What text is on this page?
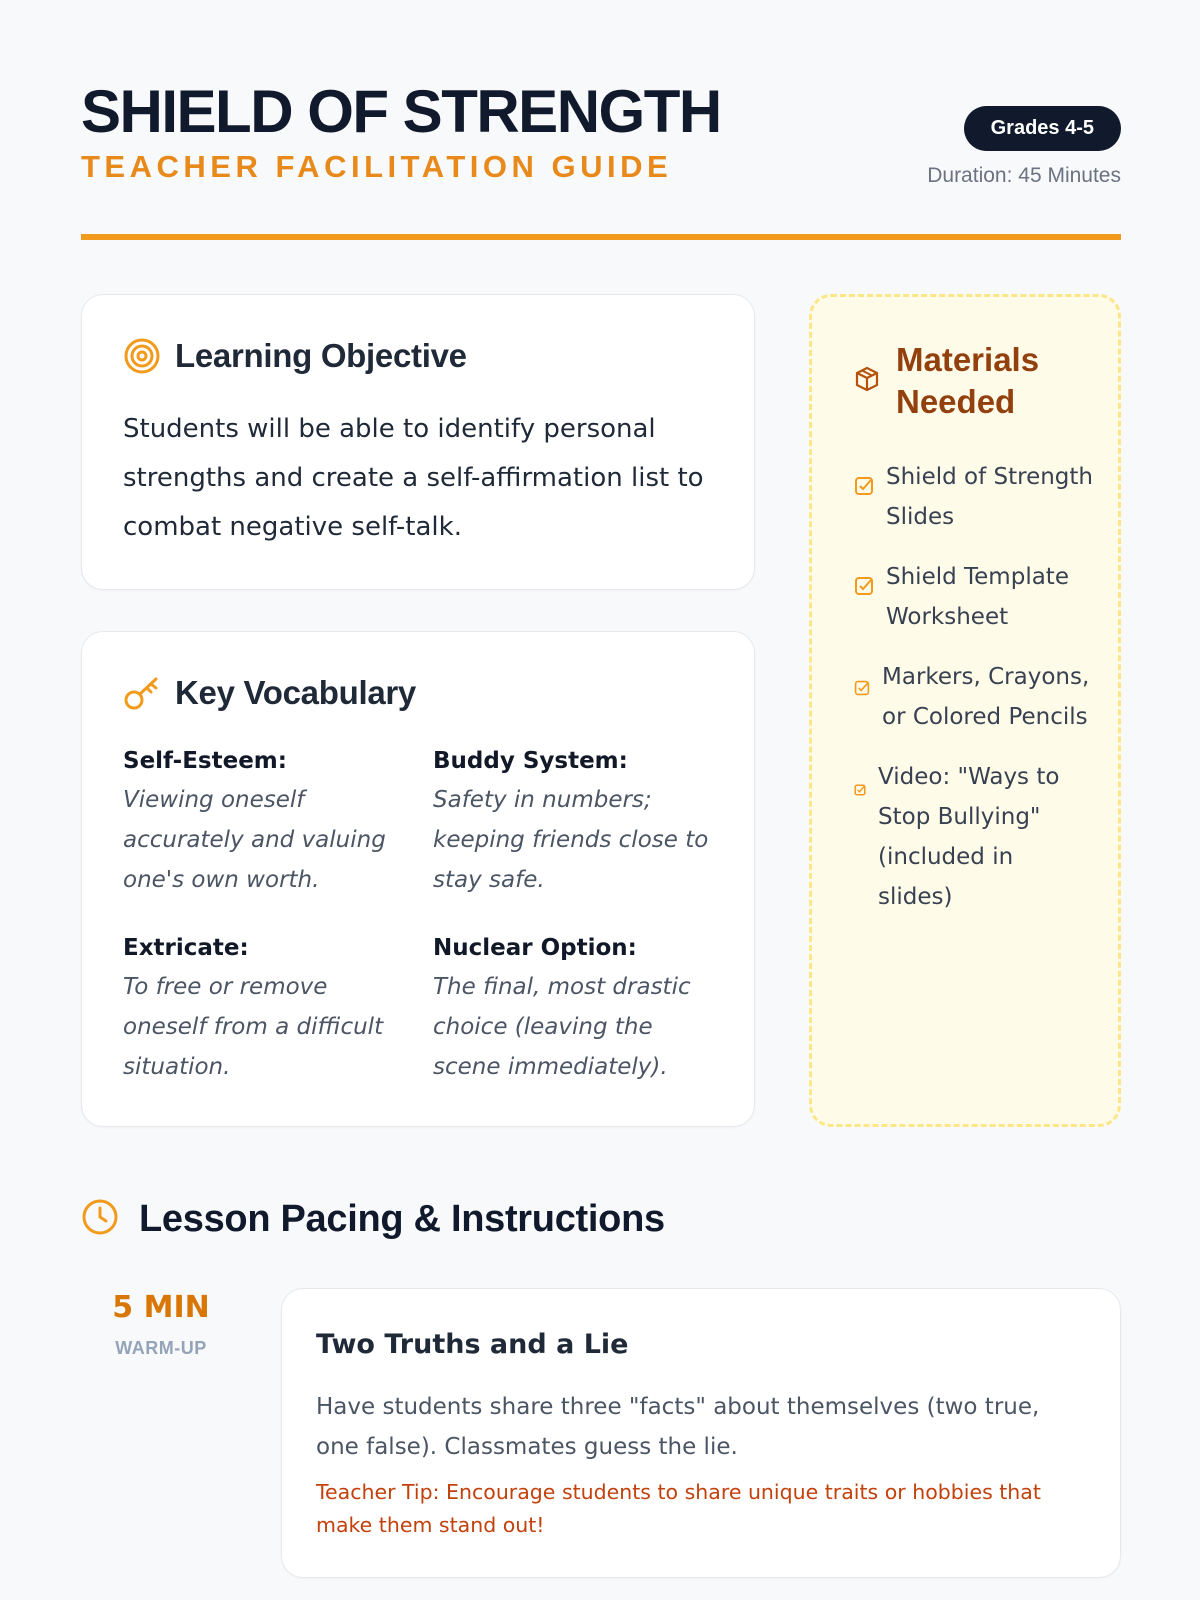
SHIELD OF STRENGTH
TEACHER FACILITATION GUIDE
Grades 4-5
Duration: 45 Minutes
Learning Objective

Students will be able to identify personal strengths and create a self-affirmation list to combat negative self-talk.

Key Vocabulary
Self-Esteem:
Viewing oneself accurately and valuing one's own worth.
Buddy System:
Safety in numbers; keeping friends close to stay safe.
Extricate:
To free or remove oneself from a difficult situation.
Nuclear Option:
The final, most drastic choice (leaving the scene immediately).
Materials Needed
Shield of Strength Slides
Shield Template Worksheet
Markers, Crayons, or Colored Pencils
Video: "Ways to Stop Bullying" (included in slides)
Lesson Pacing & Instructions
5 MIN
WARM-UP	Two Truths and a Lie
Have students share three "facts" about themselves (two true, one false). Classmates guess the lie.
Teacher Tip: Encourage students to share unique traits or hobbies that make them stand out!
